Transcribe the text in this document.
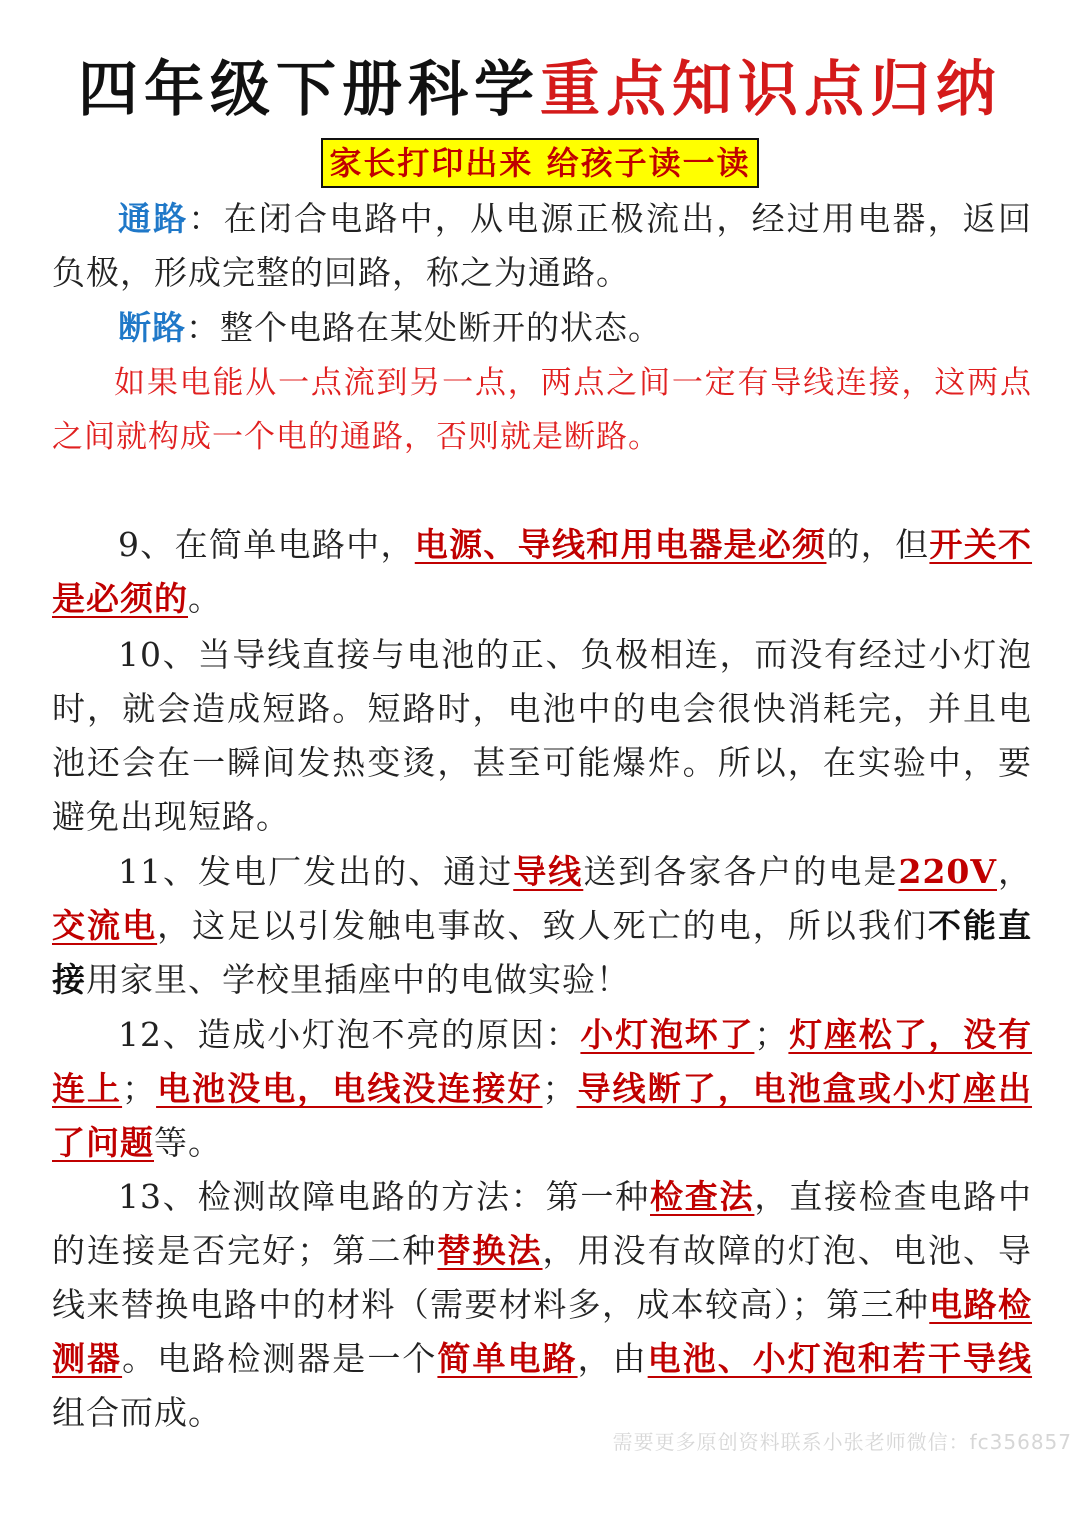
四年级下册科学重点知识点归纳
家长打印出来 给孩子读一读
通路：在闭合电路中，从电源正极流出，经过用电器，返回负极，形成完整的回路，称之为通路。
断路：整个电路在某处断开的状态。
如果电能从一点流到另一点，两点之间一定有导线连接，这两点之间就构成一个电的通路，否则就是断路。
9、在简单电路中，电源、导线和用电器是必须的，但开关不是必须的。
10、当导线直接与电池的正、负极相连，而没有经过小灯泡时，就会造成短路。短路时，电池中的电会很快消耗完，并且电池还会在一瞬间发热变烫，甚至可能爆炸。所以，在实验中，要避免出现短路。
11、发电厂发出的、通过导线送到各家各户的电是220V，交流电，这足以引发触电事故、致人死亡的电，所以我们不能直接用家里、学校里插座中的电做实验！
12、造成小灯泡不亮的原因：小灯泡坏了；灯座松了，没有连上；电池没电，电线没连接好；导线断了，电池盒或小灯座出了问题等。
13、检测故障电路的方法：第一种检查法，直接检查电路中的连接是否完好；第二种替换法，用没有故障的灯泡、电池、导线来替换电路中的材料（需要材料多，成本较高）；第三种电路检测器。电路检测器是一个简单电路，由电池、小灯泡和若干导线组合而成。
需要更多原创资料联系小张老师微信：fc356857
